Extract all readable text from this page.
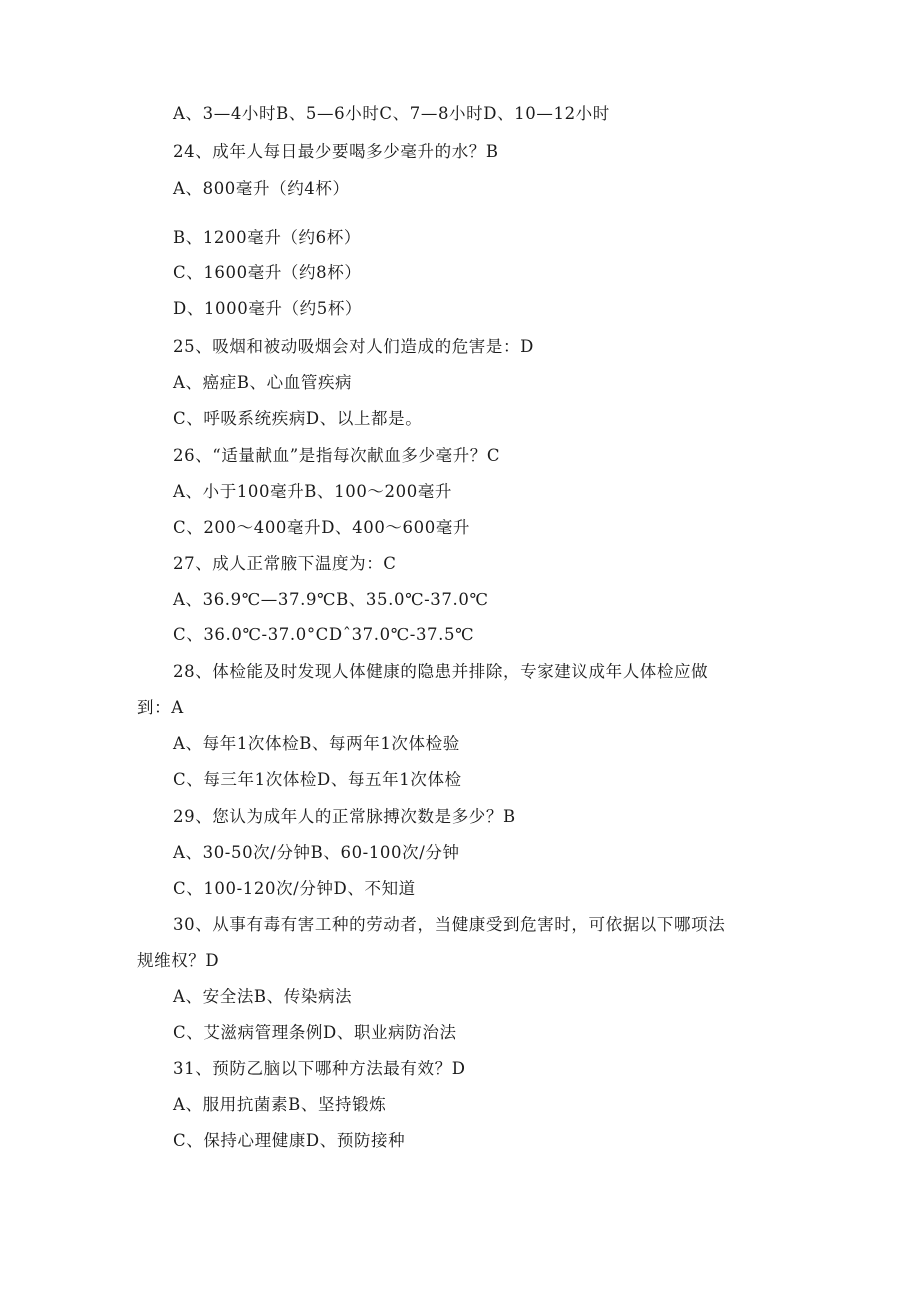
A、3—4小时B、5—6小时C、7—8小时D、10—12小时
24、成年人每日最少要喝多少毫升的水？B
A、800毫升（约4杯）
B、1200毫升（约6杯）
C、1600毫升（约8杯）
D、1000毫升（约5杯）
25、吸烟和被动吸烟会对人们造成的危害是：D
A、癌症B、心血管疾病
C、呼吸系统疾病D、以上都是。
26、“适量献血”是指每次献血多少毫升？C
A、小于100毫升B、100～200毫升
C、200～400毫升D、400～600毫升
27、成人正常腋下温度为：C
A、36.9℃—37.9℃B、35.0℃-37.0℃
C、36.0℃-37.0°CDˆ37.0℃-37.5℃
28、体检能及时发现人体健康的隐患并排除，专家建议成年人体检应做
到：A
A、每年1次体检B、每两年1次体检验
C、每三年1次体检D、每五年1次体检
29、您认为成年人的正常脉搏次数是多少？B
A、30-50次/分钟B、60-100次/分钟
C、100-120次/分钟D、不知道
30、从事有毒有害工种的劳动者，当健康受到危害时，可依据以下哪项法
规维权？D
A、安全法B、传染病法
C、艾滋病管理条例D、职业病防治法
31、预防乙脑以下哪种方法最有效？D
A、服用抗菌素B、坚持锻炼
C、保持心理健康D、预防接种
